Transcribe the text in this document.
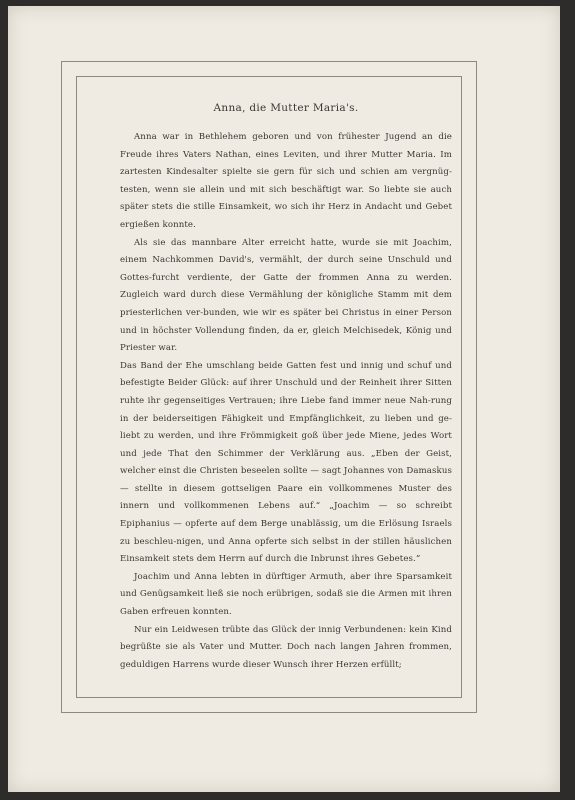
Anna, die Mutter Maria's.

Anna war in Bethlehem geboren und von frühester Jugend an die Freude ihres Vaters Nathan, eines Leviten, und ihrer Mutter Maria. Im zartesten Kindesalter spielte sie gern für sich und schien am vergnüg-testen, wenn sie allein und mit sich beschäftigt war. So liebte sie auch später stets die stille Einsamkeit, wo sich ihr Herz in Andacht und Gebet ergießen konnte.

Als sie das mannbare Alter erreicht hatte, wurde sie mit Joachim, einem Nachkommen David's, vermählt, der durch seine Unschuld und Gottes-furcht verdiente, der Gatte der frommen Anna zu werden. Zugleich ward durch diese Vermählung der königliche Stamm mit dem priesterlichen ver-bunden, wie wir es später bei Christus in einer Person und in höchster Vollendung finden, da er, gleich Melchisedek, König und Priester war.

Das Band der Ehe umschlang beide Gatten fest und innig und schuf und befestigte Beider Glück: auf ihrer Unschuld und der Reinheit ihrer Sitten ruhte ihr gegenseitiges Vertrauen; ihre Liebe fand immer neue Nah-rung in der beiderseitigen Fähigkeit und Empfänglichkeit, zu lieben und ge-liebt zu werden, und ihre Frömmigkeit goß über jede Miene, jedes Wort und jede That den Schimmer der Verklärung aus. „Eben der Geist, welcher einst die Christen beseelen sollte — sagt Johannes von Damaskus — stellte in diesem gottseligen Paare ein vollkommenes Muster des innern und vollkommenen Lebens auf.“ „Joachim — so schreibt Epiphanius — opferte auf dem Berge unablässig, um die Erlösung Israels zu beschleu-nigen, und Anna opferte sich selbst in der stillen häuslichen Einsamkeit stets dem Herrn auf durch die Inbrunst ihres Gebetes.“

Joachim und Anna lebten in dürftiger Armuth, aber ihre Sparsamkeit und Genügsamkeit ließ sie noch erübrigen, sodaß sie die Armen mit ihren Gaben erfreuen konnten.

Nur ein Leidwesen trübte das Glück der innig Verbundenen: kein Kind begrüßte sie als Vater und Mutter. Doch nach langen Jahren frommen, geduldigen Harrens wurde dieser Wunsch ihrer Herzen erfüllt;
